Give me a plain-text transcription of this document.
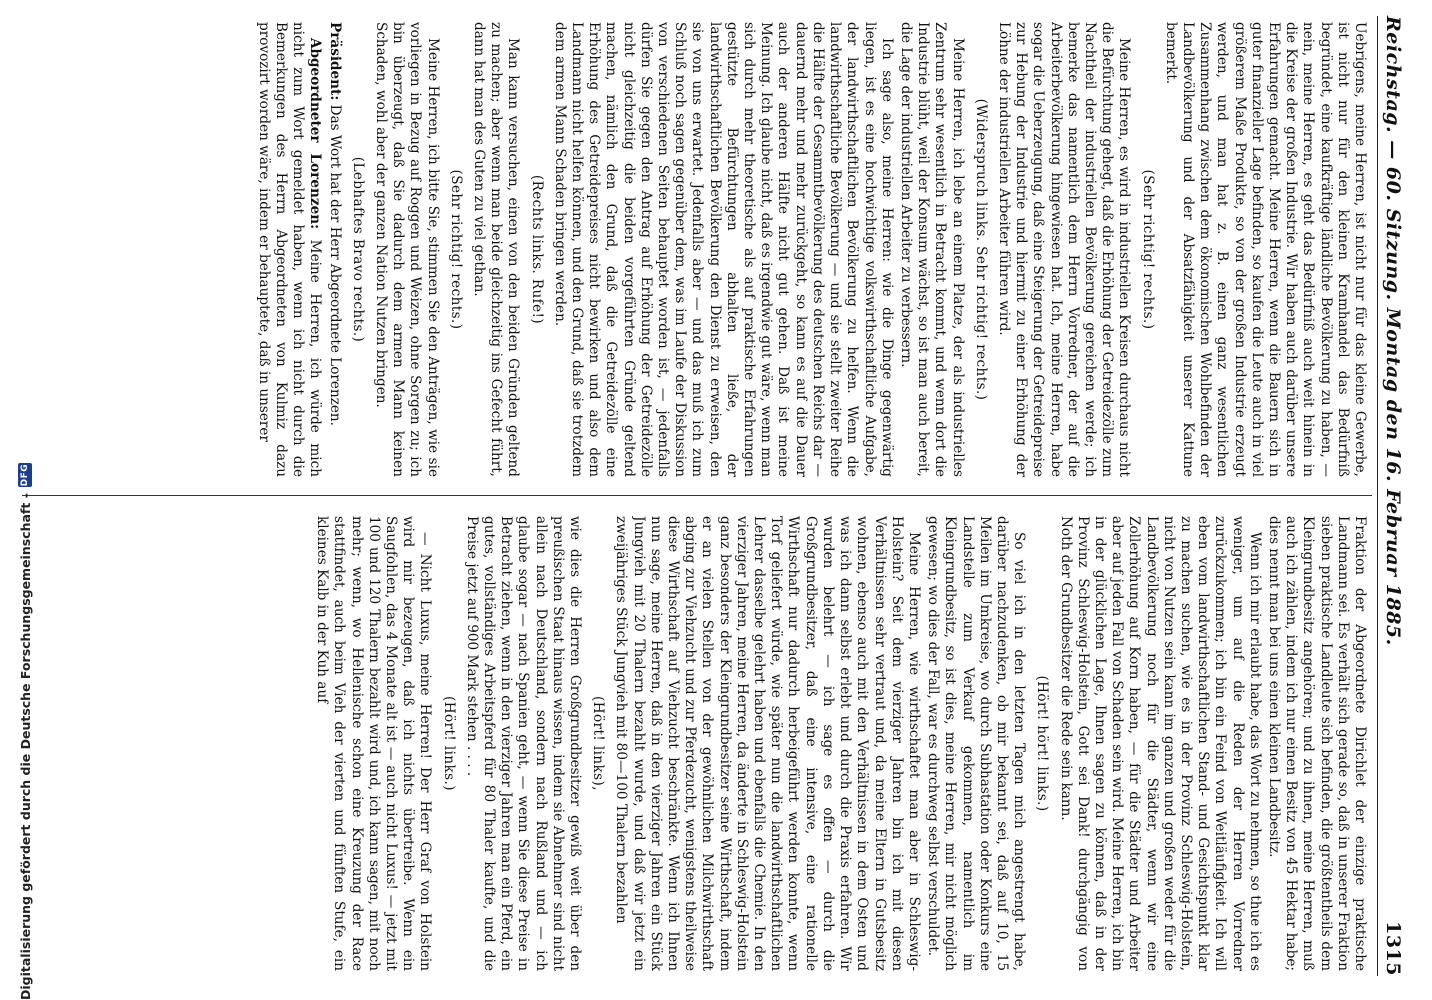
Reichstag. — 60. Sitzung. Montag den 16. Februar 1885.
1315

Uebrigens, meine Herren, ist nicht nur für das kleine Gewerbe, ist nicht nur für den kleinen Kramhandel das Bedürfniß begründet, eine kaufkräftige ländliche Bevölkerung zu haben, — nein, meine Herren, es geht das Bedürfniß auch weit hinein in die Kreise der großen Industrie. Wir haben auch darüber unsere Erfahrungen gemacht. Meine Herren, wenn die Bauern sich in guter finanzieller Lage befinden, so kaufen die Leute auch in viel größerem Maße Produkte, so von der großen Industrie erzeugt werden, und man hat z. B. einen ganz wesentlichen Zusammenhang zwischen dem ökonomischen Wohlbefinden der Landbevölkerung und der Absatzfähigkeit unserer Kattune bemerkt.

(Sehr richtig! rechts.)

Meine Herren, es wird in industriellen Kreisen durchaus nicht die Befürchtung gehegt, daß die Erhöhung der Getreidezölle zum Nachtheil der industriellen Bevölkerung gereichen werde; ich bemerke das namentlich dem Herrn Vorredner, der auf die Arbeiterbevölkerung hingewiesen hat. Ich, meine Herren, habe sogar die Ueberzeugung, daß eine Steigerung der Getreidepreise zur Hebung der Industrie und hiermit zu einer Erhöhung der Löhne der industriellen Arbeiter führen wird.

(Widerspruch links. Sehr richtig! rechts.)

Meine Herren, ich lebe an einem Platze, der als industrielles Zentrum sehr wesentlich in Betracht kommt, und wenn dort die Industrie blüht, weil der Konsum wächst, so ist man auch bereit, die Lage der industriellen Arbeiter zu verbessern.

Ich sage also, meine Herren: wie die Dinge gegenwärtig liegen, ist es eine hochwichtige volkswirthschaftliche Aufgabe, der landwirthschaftlichen Bevölkerung zu helfen. Wenn die landwirthschaftliche Bevölkerung — und sie stellt zweiter Reihe die Hälfte der Gesammtbevölkerung des deutschen Reichs dar — dauernd mehr und mehr zurückgeht, so kann es auf die Dauer auch der anderen Hälfte nicht gut gehen. Daß ist meine Meinung. Ich glaube nicht, daß es irgendwie gut wäre, wenn man sich durch mehr theoretische als auf praktische Erfahrungen gestützte Befürchtungen abhalten ließe, der landwirthschaftlichen Bevölkerung den Dienst zu erweisen, den sie von uns erwartet. Jedenfalls aber — und das muß ich zum Schluß noch sagen gegenüber dem, was im Laufe der Diskussion von verschiedenen Seiten behauptet worden ist, — jedenfalls dürfen Sie gegen den Antrag auf Erhöhung der Getreidezölle nicht gleichzeitig die beiden vorgeführten Gründe geltend machen, nämlich den Grund, daß die Getreidezölle eine Erhöhung des Getreidepreises nicht bewirken und also dem Landmann nicht helfen können, und den Grund, daß sie trotzdem dem armen Mann Schaden bringen werden.

(Rechts links. Rufe!)

Man kann versuchen, einen von den beiden Gründen geltend zu machen; aber wenn man beide gleichzeitig ins Gefecht führt, dann hat man des Guten zu viel gethan.

(Sehr richtig! rechts.)

Meine Herren, ich bitte Sie, stimmen Sie den Anträgen, wie sie vorliegen in Bezug auf Roggen und Weizen, ohne Sorgen zu; ich bin überzeugt, daß Sie dadurch dem armen Mann keinen Schaden, wohl aber der ganzen Nation Nutzen bringen.

(Lebhaftes Bravo rechts.)

Präsident: Das Wort hat der Herr Abgeordnete Lorenzen.

Abgeordneter Lorenzen: Meine Herren, ich würde mich nicht zum Wort gemeldet haben, wenn ich nicht durch die Bemerkungen des Herrn Abgeordneten von Kulmiz dazu provozirt worden wäre, indem er behauptete, daß in unserer

Fraktion der Abgeordnete Dirichlet der einzige praktische Landmann sei. Es verhält sich gerade so, daß in unserer Fraktion sieben praktische Landleute sich befinden, die größtentheils dem Kleingrundbesitz angehören; und zu ihnen, meine Herren, muß auch ich zählen, indem ich nur einen Besitz von 45 Hektar habe; dies nennt man bei uns einen kleinen Landbesitz.

Wenn ich mir erlaubt habe, das Wort zu nehmen, so thue ich es weniger, um auf die Reden der Herren Vorredner zurückzukommen; ich bin ein Feind von Weitläufigkeit. Ich will eben vom landwirthschaftlichen Stand- und Gesichtspunkt klar zu machen suchen, wie es in der Provinz Schleswig-Holstein, nicht von Nutzen sein kann im ganzen und großen weder für die Landbevölkerung noch für die Städter, wenn wir eine Zollerhöhung auf Korn haben, — für die Städter und Arbeiter aber auf jeden Fall von Schaden sein wird. Meine Herren, ich bin in der glücklichen Lage, Ihnen sagen zu können, daß in der Provinz Schleswig-Holstein, Gott sei Dank! durchgängig von Noth der Grundbesitzer die Rede sein kann.

(Hört! hört! links.)

So viel ich in den letzten Tagen mich angestrengt habe, darüber nachzudenken, ob mir bekannt sei, daß auf 10, 15 Meilen im Umkreise, wo durch Subhastation oder Konkurs eine Landstelle zum Verkauf gekommen, namentlich im Kleingrundbesitz, so ist dies, meine Herren, mir nicht möglich gewesen; wo dies der Fall, war es durchweg selbst verschuldet.

Meine Herren, wie wirthschaftet man aber in Schleswig-Holstein? Seit dem vierziger Jahren bin ich mit diesen Verhältnissen sehr vertraut und, da meine Eltern in Gutsbesitz wohnen, ebenso auch mit den Verhältnissen in dem Osten und was ich dann selbst erlebt und durch die Praxis erfahren. Wir wurden belehrt — ich sage es offen — durch die Großgrundbesitzer, daß eine intensive, eine rationelle Wirthschaft nur dadurch herbeigeführt werden konnte, wenn Torf geliefert würde, wie später nun die landwirthschaftlichen Lehrer dasselbe gelehrt haben und ebenfalls die Chemie. In den vierziger Jahren, meine Herren, da änderte in Schleswig-Holstein ganz besonders der Kleingrundbesitzer seine Wirthschaft, indem er an vielen Stellen von der gewöhnlichen Milchwirthschaft abging zur Viehzucht und zur Pferdezucht, wenigstens theilweise diese Wirthschaft auf Viehzucht beschränkte. Wenn ich Ihnen nun sage, meine Herren, daß in den vierziger Jahren ein Stück Jungvieh mit 20 Thalern bezahlt wurde, und daß wir jetzt ein zweijähriges Stück Jungvieh mit 80—100 Thalern bezahlen

(Hört! links),

wie dies die Herren Großgrundbesitzer gewiß weit über den preußischen Staat hinaus wissen, indem sie Abnehmer sind nicht allein nach Deutschland, sondern nach Rußland und — ich glaube sogar — nach Spanien geht, — wenn Sie diese Preise in Betracht ziehen, wenn in den vierziger Jahren man ein Pferd, ein gutes, vollständiges Arbeitspferd für 80 Thaler kaufte, und die Preise jetzt auf 900 Mark stehen . . . .

(Hört! links.)

— Nicht Luxus, meine Herren! Der Herr Graf von Holstein wird mir bezeugen, daß ich nichts übertreibe. Wenn ein Saugfohlen, das 4 Monate alt ist — auch nicht Luxus! — jetzt mit 100 und 120 Thalern bezahlt wird und, ich kann sagen, mit noch mehr; wenn, wo Hellenische schon eine Kreuzung der Race stattfindet, auch beim Vieh der vierten und fünften Stufe, ein kleines Kalb in der Kuh auf

Digitalisierung gefördert durch die Deutsche Forschungsgemeinschaft -
DFG
